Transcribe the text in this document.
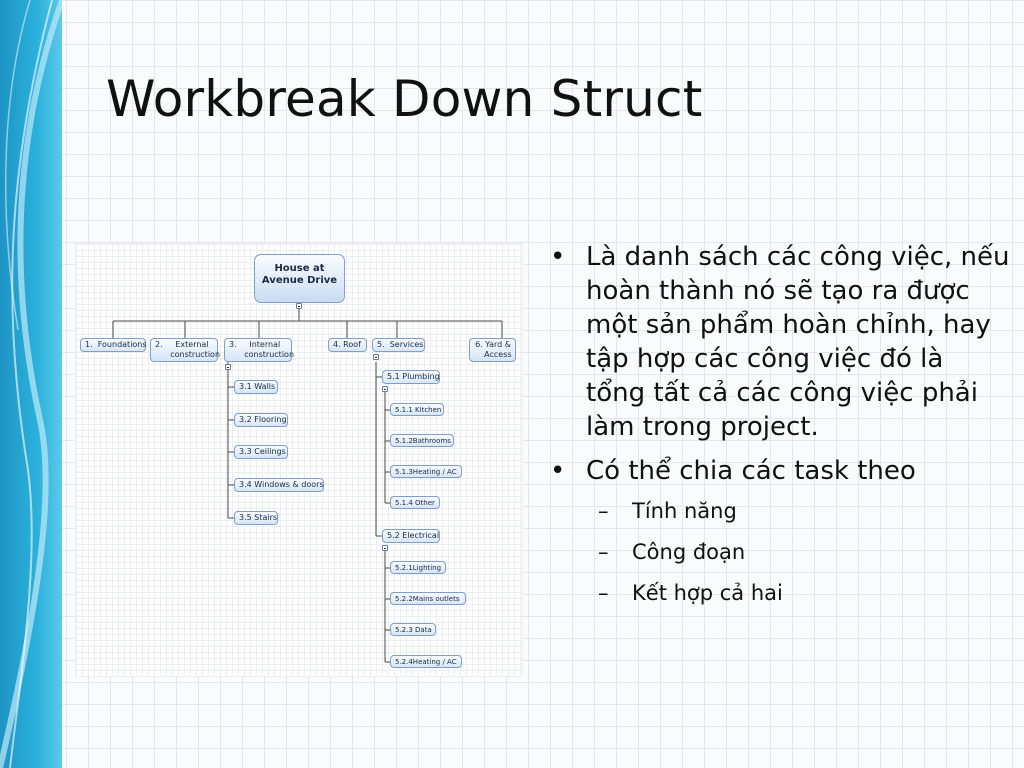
Workbreak Down Struct
House at
Avenue Drive
1.  Foundations	2.     External
construction
3.     Internal
construction
4. Roof	5.  Services	6. Yard &
Access
3.1 Walls
3.2 Flooring
3.3 Ceilings
3.4 Windows & doors
3.5 Stairs
5.1 Plumbing
5.1.1 Kitchen
5.1.2Bathrooms
5.1.3Heating / AC
5.1.4 Other
5.2 Electrical
5.2.1Lighting
5.2.2Mains outlets
5.2.3 Data
5.2.4Heating / AC
• Là danh sách các công việc, nếu hoàn thành nó sẽ tạo ra được một sản phẩm hoàn chỉnh, hay tập hợp các công việc đó là tổng tất cả các công việc phải làm trong project.
• Có thể chia các task theo
– Tính năng
– Công đoạn
– Kết hợp cả hai
